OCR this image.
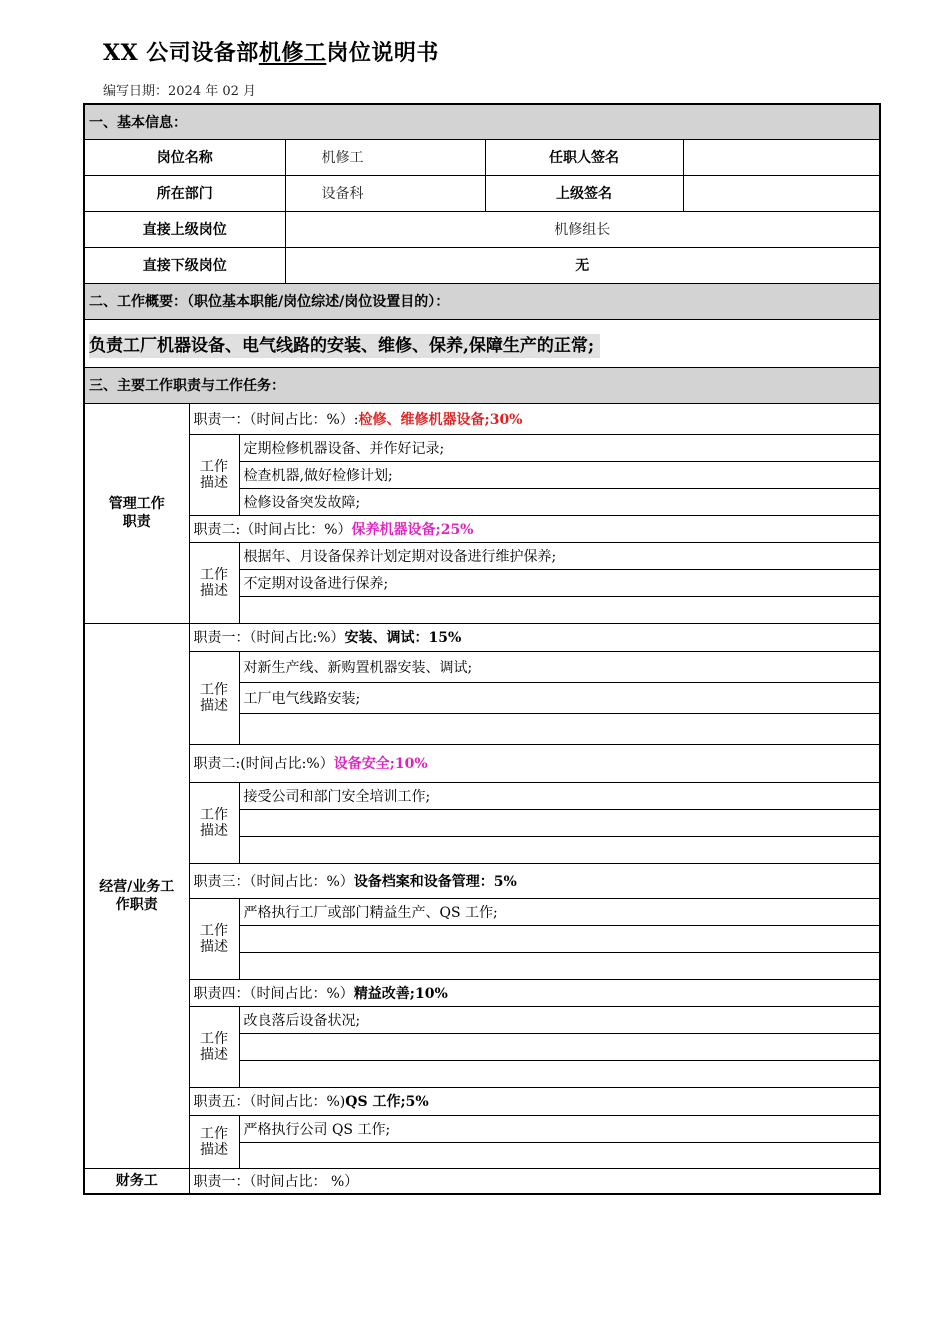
XX 公司设备部机修工岗位说明书
编写日期：2024 年 02 月
一、基本信息：					
岗位名称			机修工	任职人签名	
所在部门			设备科	上级签名	
直接上级岗位			机修组长		
直接下级岗位			无		
二、工作概要：（职位基本职能/岗位综述/岗位设置目的）：					
负责工厂机器设备、电气线路的安装、维修、保养,保障生产的正常;					
三、主要工作职责与工作任务：					

管理工作职责	职责一：（时间占比：%）:检修、维修机器设备;30%				

	工作描述	定期检修机器设备、并作好记录;			
		检查机器,做好检修计划;			
		检修设备突发故障;			
	职责二:（时间占比：%）保养机器设备;25%				

	工作描述	根据年、月设备保养计划定期对设备进行维护保养;			
		不定期对设备进行保养;			

经营/业务工作职责	职责一：（时间占比:%）安装、调试：15%				

	工作描述	对新生产线、新购置机器安装、调试;			
		工厂电气线路安装;			

	职责二:(时间占比:%）设备安全;10%				

	工作描述	接受公司和部门安全培训工作;			

	职责三：（时间占比：%）设备档案和设备管理：5%				

	工作描述	严格执行工厂或部门精益生产、QS 工作;			

	职责四：（时间占比：%）精益改善;10%				

	工作描述	改良落后设备状况;			

	职责五：（时间占比：%)QS 工作;5%				

	工作描述	严格执行公司 QS 工作;			

财务工	职责一：（时间占比： %）				
